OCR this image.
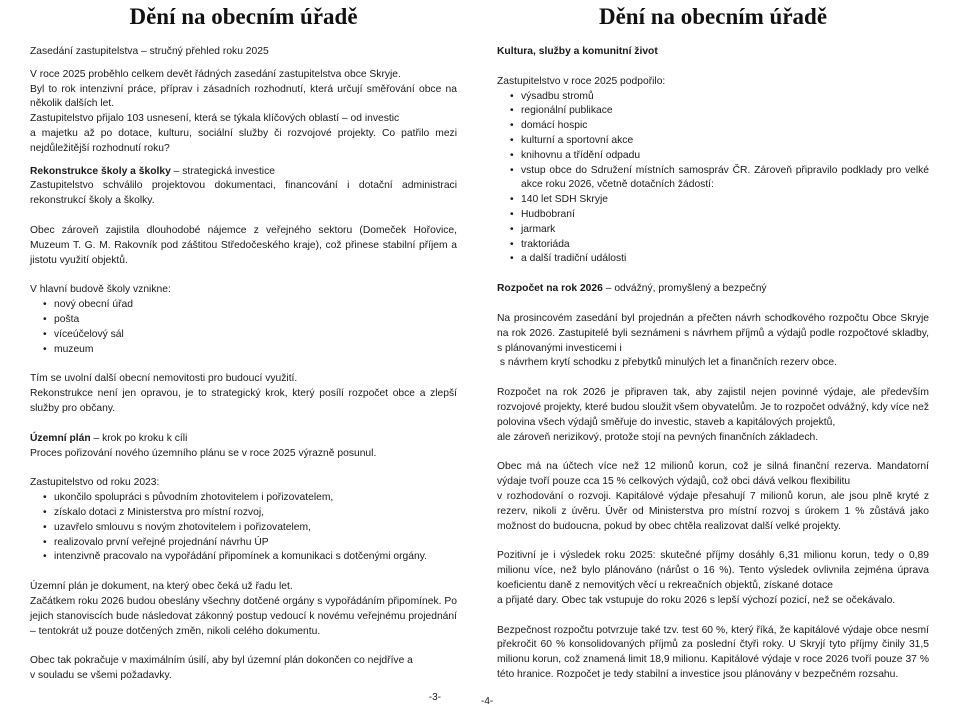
Dění na obecním úřadě

Zasedání zastupitelstva – stručný přehled roku 2025

V roce 2025 proběhlo celkem devět řádných zasedání zastupitelstva obce Skryje.

Byl to rok intenzivní práce, příprav i zásadních rozhodnutí, která určují směřování obce na několik dalších let.

Zastupitelstvo přijalo 103 usnesení, která se týkala klíčových oblastí – od investic

a majetku až po dotace, kulturu, sociální služby či rozvojové projekty. Co patřilo mezi nejdůležitější rozhodnutí roku?

Rekonstrukce školy a školky – strategická investice

Zastupitelstvo schválilo projektovou dokumentaci, financování i dotační administraci rekonstrukcí školy a školky.

Obec zároveň zajistila dlouhodobé nájemce z veřejného sektoru (Domeček Hořovice, Muzeum T. G. M. Rakovník pod záštitou Středočeského kraje), což přinese stabilní příjem a jistotu využití objektů.

V hlavní budově školy vznikne:

• nový obecní úřad
• pošta
• víceúčelový sál
• muzeum

Tím se uvolní další obecní nemovitosti pro budoucí využití.

Rekonstrukce není jen opravou, je to strategický krok, který posílí rozpočet obce a zlepší služby pro občany.

Územní plán – krok po kroku k cíli

Proces pořizování nového územního plánu se v roce 2025 výrazně posunul.

Zastupitelstvo od roku 2023:

• ukončilo spolupráci s původním zhotovitelem i pořizovatelem,
• získalo dotaci z Ministerstva pro místní rozvoj,
• uzavřelo smlouvu s novým zhotovitelem i pořizovatelem,
• realizovalo první veřejné projednání návrhu ÚP
• intenzivně pracovalo na vypořádání připomínek a komunikaci s dotčenými orgány.

Územní plán je dokument, na který obec čeká už řadu let.

Začátkem roku 2026 budou obeslány všechny dotčené orgány s vypořádáním připomínek. Po jejich stanoviscích bude následovat zákonný postup vedoucí k novému veřejnému projednání – tentokrát už pouze dotčených změn, nikoli celého dokumentu.

Obec tak pokračuje v maximálním úsilí, aby byl územní plán dokončen co nejdříve a

v souladu se všemi požadavky.

-3-
Dění na obecním úřadě

Kultura, služby a komunitní život

Zastupitelstvo v roce 2025 podpořilo:

• výsadbu stromů
• regionální publikace
• domácí hospic
• kulturní a sportovní akce
• knihovnu a třídění odpadu
• vstup obce do Sdružení místních samospráv ČR. Zároveň připravilo podklady pro velké akce roku 2026, včetně dotačních žádostí:
• 140 let SDH Skryje
• Hudbobraní
• jarmark
• traktoriáda
• a další tradiční události

Rozpočet na rok 2026 – odvážný, promyšlený a bezpečný

Na prosincovém zasedání byl projednán a přečten návrh schodkového rozpočtu Obce Skryje na rok 2026. Zastupitelé byli seznámeni s návrhem příjmů a výdajů podle rozpočtové skladby, s plánovanými investicemi i

s návrhem krytí schodku z přebytků minulých let a finančních rezerv obce.

Rozpočet na rok 2026 je připraven tak, aby zajistil nejen povinné výdaje, ale především rozvojové projekty, které budou sloužit všem obyvatelům. Je to rozpočet odvážný, kdy více než polovina všech výdajů směřuje do investic, staveb a kapitálových projektů,

ale zároveň nerizikový, protože stojí na pevných finančních základech.

Obec má na účtech více než 12 milionů korun, což je silná finanční rezerva. Mandatorní výdaje tvoří pouze cca 15 % celkových výdajů, což obci dává velkou flexibilitu

v rozhodování o rozvoji. Kapitálové výdaje přesahují 7 milionů korun, ale jsou plně kryté z rezerv, nikoli z úvěru. Úvěr od Ministerstva pro místní rozvoj s úrokem 1 % zůstává jako možnost do budoucna, pokud by obec chtěla realizovat další velké projekty.

Pozitivní je i výsledek roku 2025: skutečné příjmy dosáhly 6,31 milionu korun, tedy o 0,89 milionu více, než bylo plánováno (nárůst o 16 %). Tento výsledek ovlivnila zejména úprava koeficientu daně z nemovitých věcí u rekreačních objektů, získané dotace

a přijaté dary. Obec tak vstupuje do roku 2026 s lepší výchozí pozicí, než se očekávalo.

Bezpečnost rozpočtu potvrzuje také tzv. test 60 %, který říká, že kapitálové výdaje obce nesmí překročit 60 % konsolidovaných příjmů za poslední čtyři roky. U Skryjí tyto příjmy činily 31,5 milionu korun, což znamená limit 18,9 milionu. Kapitálové výdaje v roce 2026 tvoří pouze 37 % této hranice. Rozpočet je tedy stabilní a investice jsou plánovány v bezpečném rozsahu.

-4-
